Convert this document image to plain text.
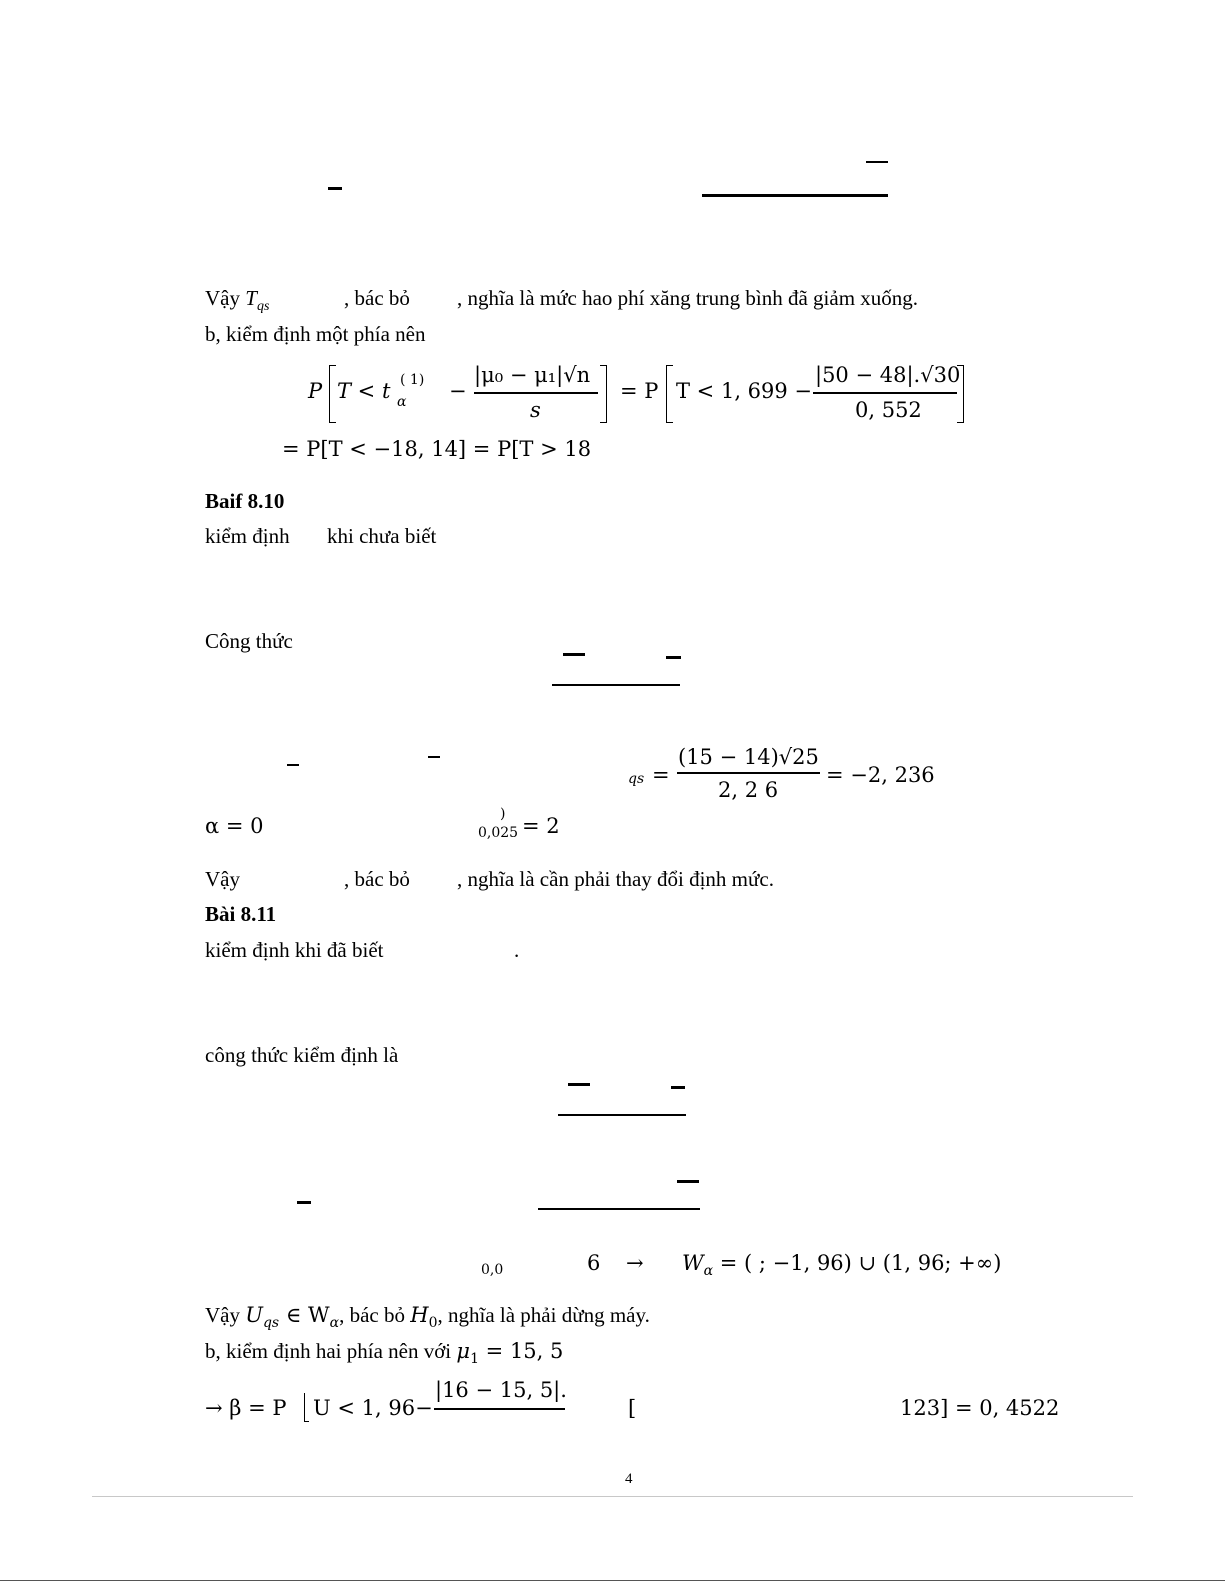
Vậy $T_{qs}$	, bác bỏ , nghĩa là mức hao phí xăng trung bình đã giảm xuống.
b, kiểm định một phía nên
P T < t ( 1)
α −
|μ₀ − μ₁|√n
s
= P T < 1, 699 −
|50 − 48|.√30
0, 552
= P[T < −18, 14] = P[T > 18
Baif 8.10
kiểm định khi chưa biết
Công thức
qs =
(15 − 14)√25
2, 2 6
= −2, 236
α = 0	)
0,025 = 2
Vậy	, bác bỏ , nghĩa là cần phải thay đổi định mức.
Bài 8.11
kiểm định khi đã biết	.
công thức kiểm định là
0,0	$6 \to W_\alpha$ = ( ; −1, 96) ∪ (1, 96; +∞)
Vậy $U_{qs}$ ∈ $W_\alpha$, bác bỏ $H_0$, nghĩa là phải dừng máy.
b, kiểm định hai phía nên với $\mu_1 = 15$, 5
→ β = P U < 1, 96−
|16 − 15, 5|.
[	123] = 0, 4522
4
